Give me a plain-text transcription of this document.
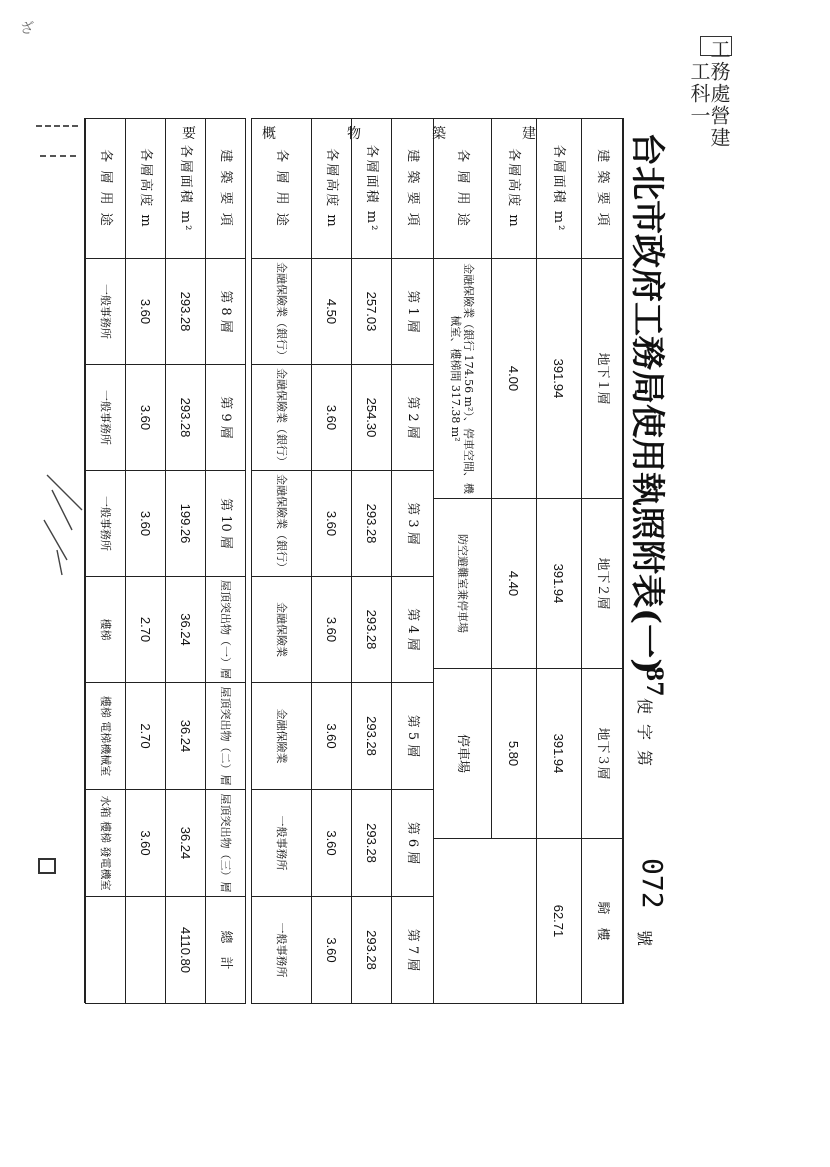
工務處營建工科一
ざ
台北市政府工務局使用執照附表(一)
87
使字第
072
號
建 築 要 項	地下１層	地下２層	地下３層	騎　樓
各層面積 m²	391.94	391.94	391.94	62.71
各層高度 m	4.00	4.40	5.80	
各 層 用 途	金融保險業（銀行 174.56 m²）、停車空間、機械室、樓梯間 317.38 m²	防空避難室兼停車場	停車場	
建 築 要 項	第 1 層	第 2 層	第 3 層	第 4 層	第 5 層	第 6 層	第 7 層
各層面積 m²	257.03	254.30	293.28	293.28	293.28	293.28	293.28
各層高度 m	4.50	3.60	3.60	3.60	3.60	3.60	3.60
各 層 用 途	金融保險業（銀行）	金融保險業（銀行）	金融保險業（銀行）	金融保險業	金融保險業	一般事務所	一般事務所
建 築 要 項	第 8 層	第 9 層	第 10 層	屋頂突出物（一）層	屋頂突出物（二）層	屋頂突出物（三）層	總　計
各層面積 m²	293.28	293.28	199.26	36.24	36.24	36.24	4110.80
各層高度 m	3.60	3.60	3.60	2.70	2.70	3.60	
各 層 用 途	一般事務所	一般事務所	一般事務所	樓梯	樓梯 電梯機械室	水箱 樓梯 發電機室	
建
築
物
概
要
